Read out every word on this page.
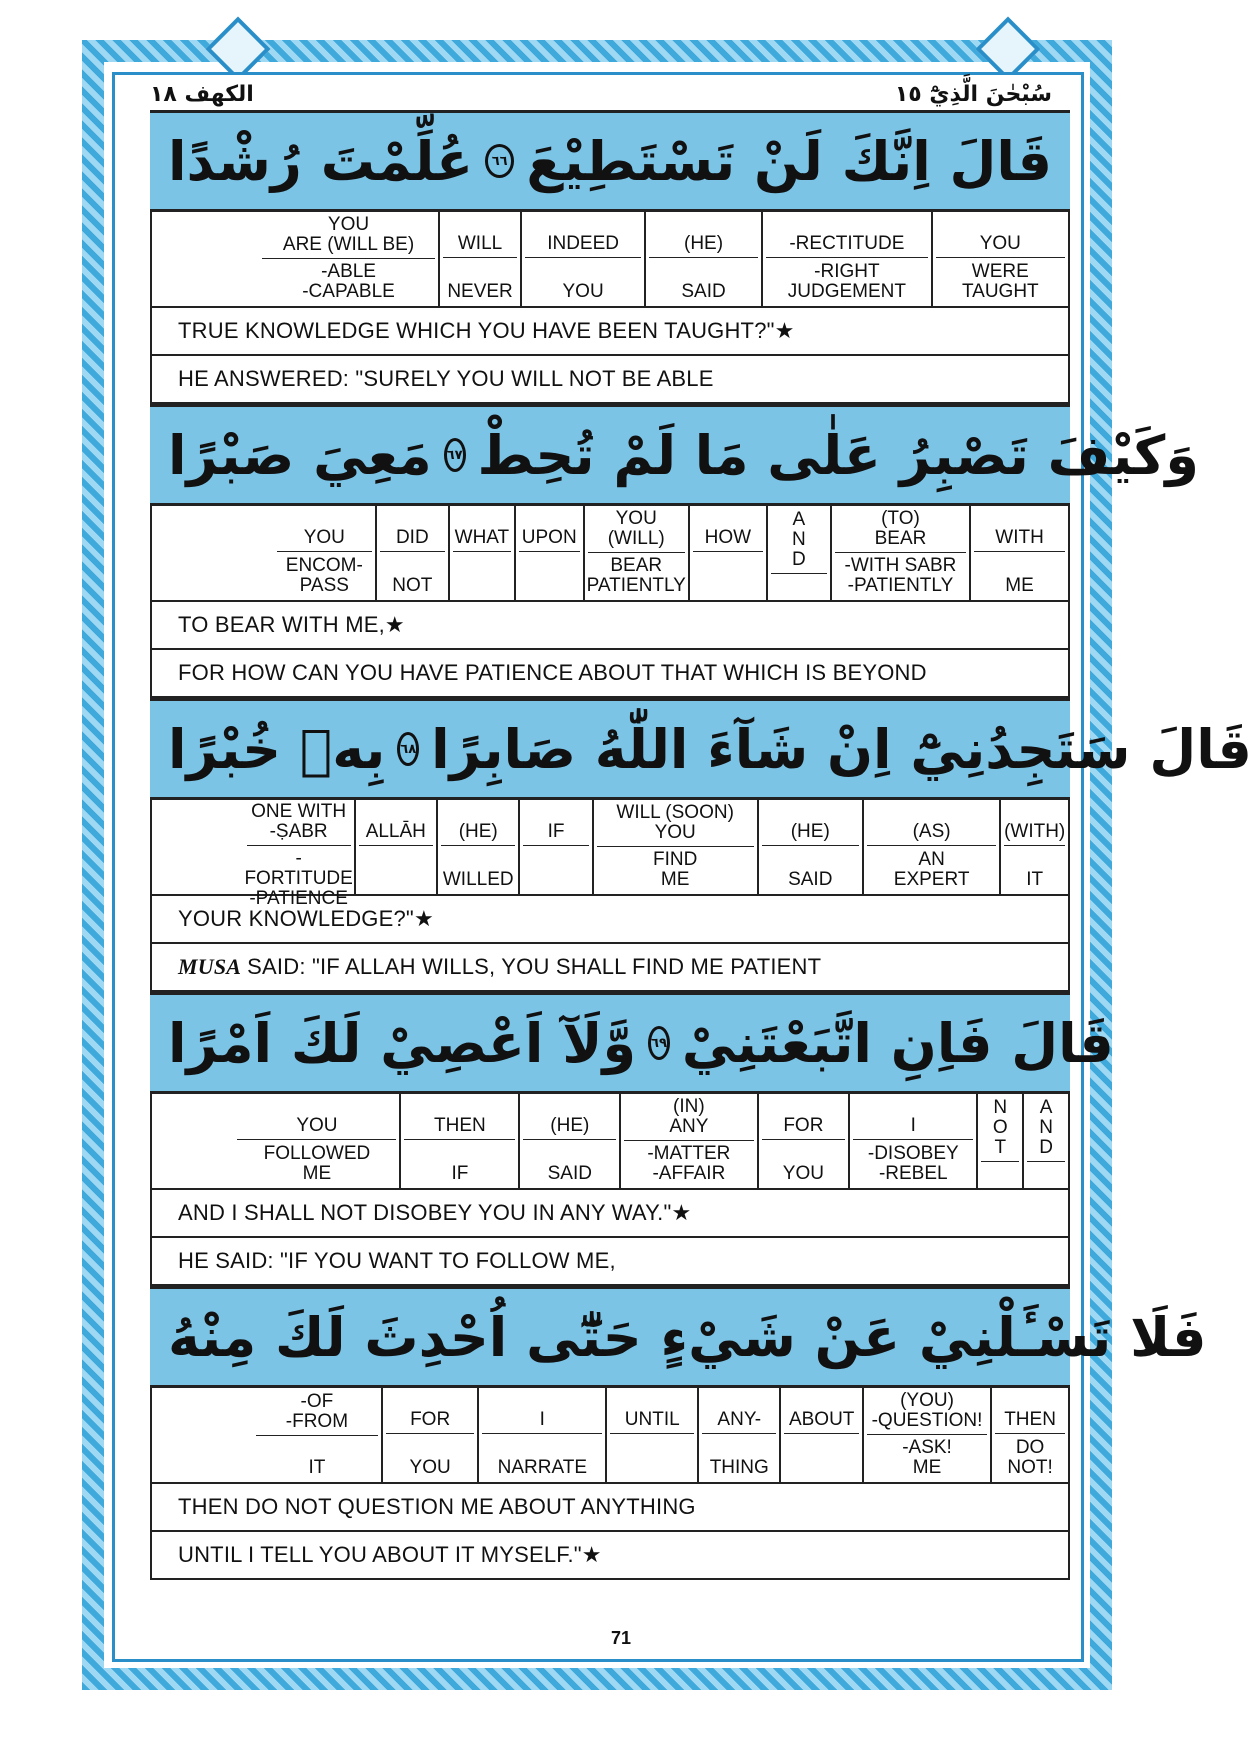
الكهف ١٨	سُبْحٰنَ الَّذِيْٓ ١٥
قَالَ اِنَّكَ لَنْ تَسْتَطِيْعَ
٦٦
عُلِّمْتَ رُشْدًا
YOU
WERE
TAUGHT
-RECTITUDE
-RIGHT
JUDGEMENT
(HE)
SAID
INDEED
YOU
WILL
NEVER
YOU
ARE (WILL BE)
-ABLE
-CAPABLE
TRUE KNOWLEDGE WHICH YOU HAVE BEEN TAUGHT?"★
HE ANSWERED: "SURELY YOU WILL NOT BE ABLE
وَكَيْفَ تَصْبِرُ عَلٰى مَا لَمْ تُحِطْ
٦٧
مَعِيَ صَبْرًا
WITH
ME
(TO)
BEAR
-WITH SABR
-PATIENTLY
A
N
D
HOW
YOU
(WILL)
BEAR
PATIENTLY
UPON
WHAT
DID
NOT
YOU
ENCOM-
PASS
TO BEAR WITH ME,★
FOR HOW CAN YOU HAVE PATIENCE ABOUT THAT WHICH IS BEYOND
قَالَ سَتَجِدُنِيْٓ اِنْ شَآءَ اللّٰهُ صَابِرًا
٦٨
بِهٖ خُبْرًا
(WITH)
IT
(AS)
AN
EXPERT
(HE)
SAID
WILL (SOON)
YOU
FIND
ME
IF
(HE)
WILLED
ALLĀH
ONE WITH
-ṢABR
-FORTITUDE
-PATIENCE
YOUR KNOWLEDGE?"★
MUSA SAID: "IF ALLAH WILLS, YOU SHALL FIND ME PATIENT
قَالَ فَاِنِ اتَّبَعْتَنِيْ
٦٩
وَّلَآ اَعْصِيْ لَكَ اَمْرًا
A
N
D
N
O
T
I
-DISOBEY
-REBEL
FOR
YOU
(IN)
ANY
-MATTER
-AFFAIR
(HE)
SAID
THEN
IF
YOU
FOLLOWED
ME
AND I SHALL NOT DISOBEY YOU IN ANY WAY."★
HE SAID: "IF YOU WANT TO FOLLOW ME,
فَلَا تَسْـَٔلْنِيْ عَنْ شَيْءٍ حَتّٰٓى اُحْدِثَ لَكَ مِنْهُ
THEN
DO
NOT!
(YOU)
-QUESTION!
-ASK!
ME
ABOUT
ANY-
THING
UNTIL
I
NARRATE
FOR
YOU
-OF
-FROM
IT
THEN DO NOT QUESTION ME ABOUT ANYTHING
UNTIL I TELL YOU ABOUT IT MYSELF."★
71
